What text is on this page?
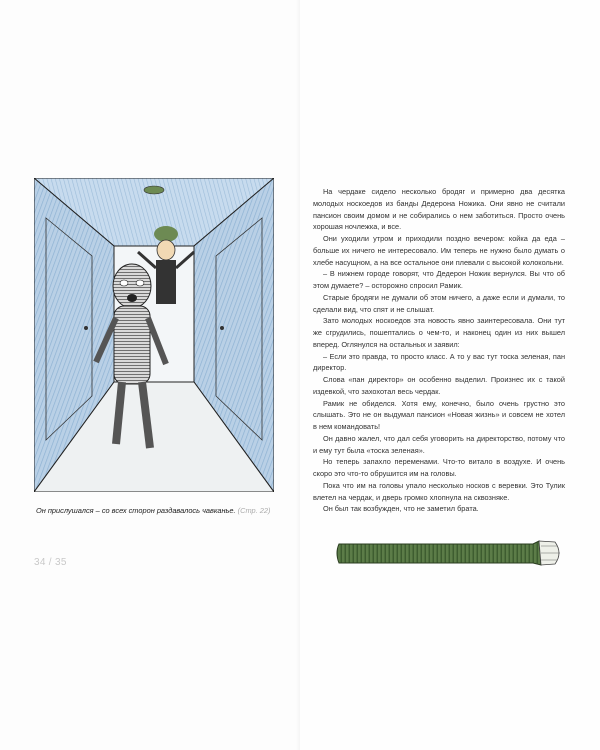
Он прислушался – со всех сторон раздавалось чавканье. (Стр. 22)
34 / 35

На чердаке сидело несколько бродяг и примерно два десятка молодых носкоедов из банды Дедерона Ножика. Они явно не считали пансион своим домом и не собирались о нем заботиться. Просто очень хорошая ночлежка, и все.

Они уходили утром и приходили поздно вечером: койка да еда – больше их ничего не интересовало. Им теперь не нужно было думать о хлебе насущном, а на все остальное они плевали с высокой колокольни.

– В нижнем городе говорят, что Дедерон Ножик вернулся. Вы что об этом думаете? – осторожно спросил Рамик.

Старые бродяги не думали об этом ничего, а даже если и думали, то сделали вид, что спят и не слышат.

Зато молодых носкоедов эта новость явно заинтересовала. Они тут же сгрудились, пошептались о чем-то, и наконец один из них вышел вперед. Оглянулся на остальных и заявил:

– Если это правда, то просто класс. А то у вас тут тоска зеленая, пан директор.

Слова «пан директор» он особенно выделил. Произнес их с такой издевкой, что захохотал весь чердак.

Рамик не обиделся. Хотя ему, конечно, было очень грустно это слышать. Это не он выдумал пансион «Новая жизнь» и совсем не хотел в нем командовать!

Он давно жалел, что дал себя уговорить на директорство, потому что и ему тут была «тоска зеленая».

Но теперь запахло переменами. Что-то витало в воздухе. И очень скоро это что-то обрушится им на головы.

Пока что им на головы упало несколько носков с веревки. Это Тулик влетел на чердак, и дверь громко хлопнула на сквозняке.

Он был так возбужден, что не заметил брата.
